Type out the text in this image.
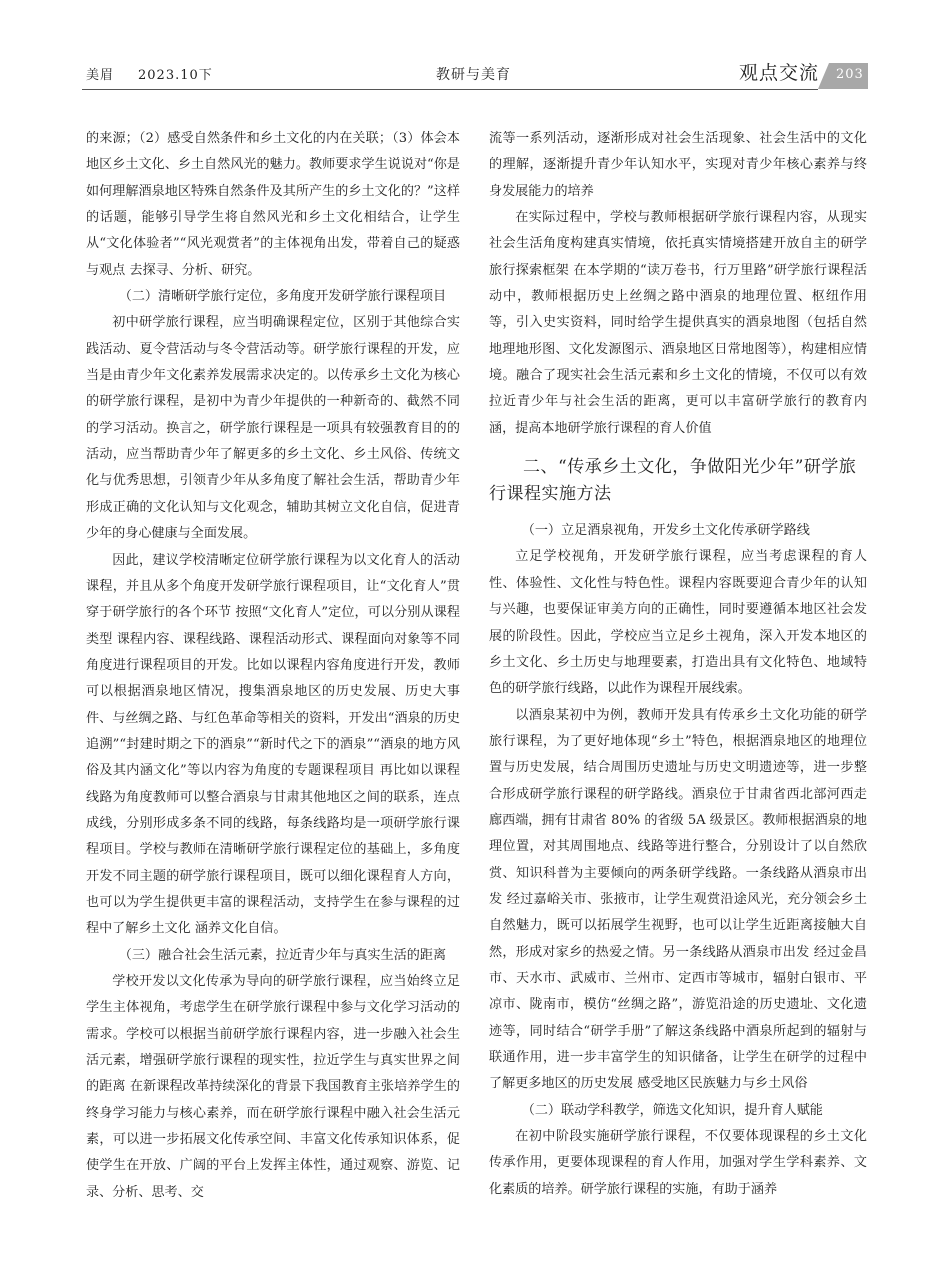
美眉 2023.10下	教研与美育	观点交流 203

的来源；（2）感受自然条件和乡土文化的内在关联；（3）体会本地区乡土文化、乡土自然风光的魅力。教师要求学生说说对“你是如何理解酒泉地区特殊自然条件及其所产生的乡土文化的？”这样的话题，能够引导学生将自然风光和乡土文化相结合，让学生从“文化体验者”“风光观赏者”的主体视角出发，带着自己的疑惑与观点 去探寻、分析、研究。

（二）清晰研学旅行定位，多角度开发研学旅行课程项目

初中研学旅行课程，应当明确课程定位，区别于其他综合实践活动、夏令营活动与冬令营活动等。研学旅行课程的开发，应当是由青少年文化素养发展需求决定的。以传承乡土文化为核心的研学旅行课程，是初中为青少年提供的一种新奇的、截然不同的学习活动。换言之，研学旅行课程是一项具有较强教育目的的活动，应当帮助青少年了解更多的乡土文化、乡土风俗、传统文化与优秀思想，引领青少年从多角度了解社会生活，帮助青少年形成正确的文化认知与文化观念，辅助其树立文化自信，促进青少年的身心健康与全面发展。

因此，建议学校清晰定位研学旅行课程为以文化育人的活动课程，并且从多个角度开发研学旅行课程项目，让“文化育人”贯穿于研学旅行的各个环节 按照“文化育人”定位，可以分别从课程类型 课程内容、课程线路、课程活动形式、课程面向对象等不同角度进行课程项目的开发。比如以课程内容角度进行开发，教师可以根据酒泉地区情况，搜集酒泉地区的历史发展、历史大事件、与丝绸之路、与红色革命等相关的资料，开发出“酒泉的历史追溯”“封建时期之下的酒泉”“新时代之下的酒泉”“酒泉的地方风俗及其内涵文化”等以内容为角度的专题课程项目 再比如以课程线路为角度教师可以整合酒泉与甘肃其他地区之间的联系，连点成线，分别形成多条不同的线路，每条线路均是一项研学旅行课程项目。学校与教师在清晰研学旅行课程定位的基础上，多角度开发不同主题的研学旅行课程项目，既可以细化课程育人方向，也可以为学生提供更丰富的课程活动，支持学生在参与课程的过程中了解乡土文化 涵养文化自信。

（三）融合社会生活元素，拉近青少年与真实生活的距离

学校开发以文化传承为导向的研学旅行课程，应当始终立足学生主体视角，考虑学生在研学旅行课程中参与文化学习活动的需求。学校可以根据当前研学旅行课程内容，进一步融入社会生活元素，增强研学旅行课程的现实性，拉近学生与真实世界之间的距离 在新课程改革持续深化的背景下我国教育主张培养学生的终身学习能力与核心素养，而在研学旅行课程中融入社会生活元素，可以进一步拓展文化传承空间、丰富文化传承知识体系，促使学生在开放、广阔的平台上发挥主体性，通过观察、游览、记录、分析、思考、交

流等一系列活动，逐渐形成对社会生活现象、社会生活中的文化的理解，逐渐提升青少年认知水平，实现对青少年核心素养与终身发展能力的培养

在实际过程中，学校与教师根据研学旅行课程内容，从现实社会生活角度构建真实情境，依托真实情境搭建开放自主的研学旅行探索框架 在本学期的“读万卷书，行万里路”研学旅行课程活动中，教师根据历史上丝绸之路中酒泉的地理位置、枢纽作用等，引入史实资料，同时给学生提供真实的酒泉地图（包括自然地理地形图、文化发源图示、酒泉地区日常地图等），构建相应情境。融合了现实社会生活元素和乡土文化的情境，不仅可以有效拉近青少年与社会生活的距离，更可以丰富研学旅行的教育内涵，提高本地研学旅行课程的育人价值

二、“传承乡土文化，争做阳光少年”研学旅行课程实施方法

（一）立足酒泉视角，开发乡土文化传承研学路线

立足学校视角，开发研学旅行课程，应当考虑课程的育人性、体验性、文化性与特色性。课程内容既要迎合青少年的认知与兴趣，也要保证审美方向的正确性，同时要遵循本地区社会发展的阶段性。因此，学校应当立足乡土视角，深入开发本地区的乡土文化、乡土历史与地理要素，打造出具有文化特色、地域特色的研学旅行线路，以此作为课程开展线索。

以酒泉某初中为例，教师开发具有传承乡土文化功能的研学旅行课程，为了更好地体现“乡土”特色，根据酒泉地区的地理位置与历史发展，结合周围历史遗址与历史文明遗迹等，进一步整合形成研学旅行课程的研学路线。酒泉位于甘肃省西北部河西走廊西端，拥有甘肃省 80% 的省级 5A 级景区。教师根据酒泉的地理位置，对其周围地点、线路等进行整合，分别设计了以自然欣赏、知识科普为主要倾向的两条研学线路。一条线路从酒泉市出发 经过嘉峪关市、张掖市，让学生观赏沿途风光，充分领会乡土自然魅力，既可以拓展学生视野，也可以让学生近距离接触大自然，形成对家乡的热爱之情。另一条线路从酒泉市出发 经过金昌市、天水市、武威市、兰州市、定西市等城市，辐射白银市、平凉市、陇南市，模仿“丝绸之路”，游览沿途的历史遗址、文化遗迹等，同时结合“研学手册”了解这条线路中酒泉所起到的辐射与联通作用，进一步丰富学生的知识储备，让学生在研学的过程中了解更多地区的历史发展 感受地区民族魅力与乡土风俗

（二）联动学科教学，筛选文化知识，提升育人赋能

在初中阶段实施研学旅行课程，不仅要体现课程的乡土文化传承作用，更要体现课程的育人作用，加强对学生学科素养、文化素质的培养。研学旅行课程的实施，有助于涵养
